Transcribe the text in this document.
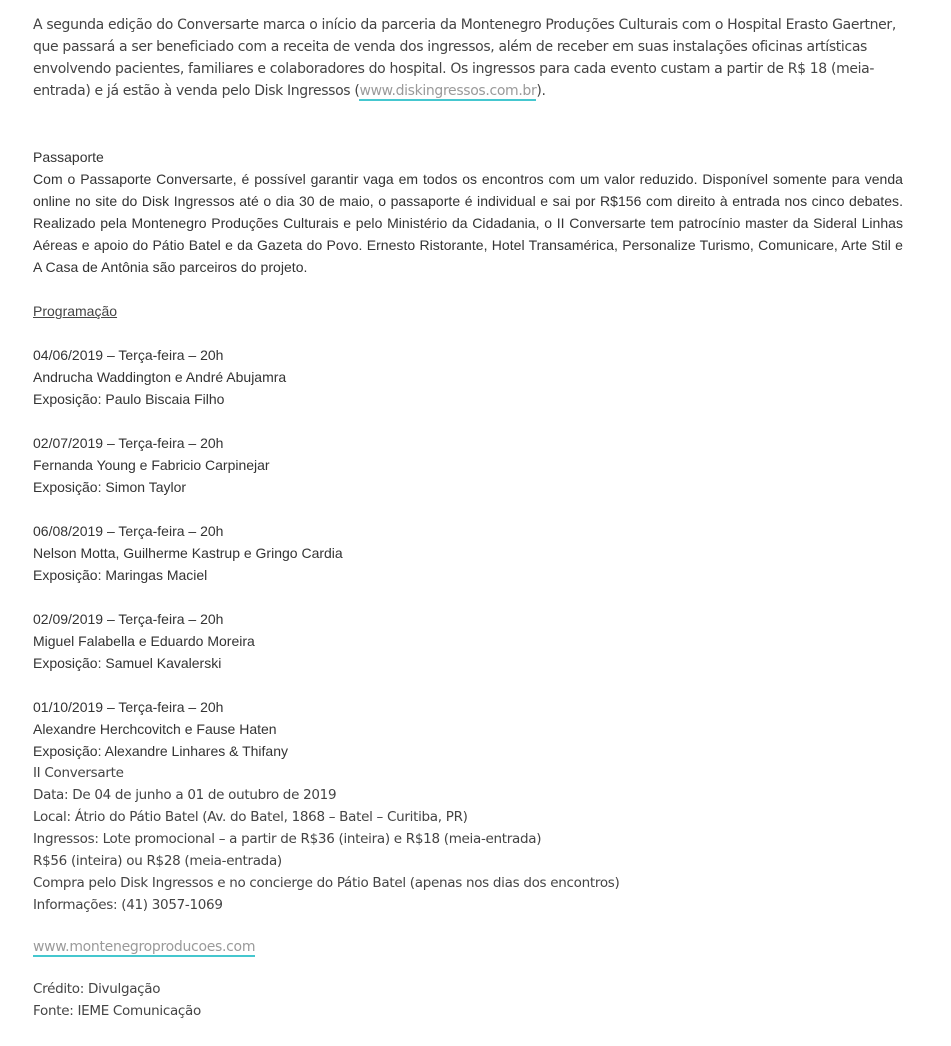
A segunda edição do Conversarte marca o início da parceria da Montenegro Produções Culturais com o Hospital Erasto Gaertner, que passará a ser beneficiado com a receita de venda dos ingressos, além de receber em suas instalações oficinas artísticas envolvendo pacientes, familiares e colaboradores do hospital. Os ingressos para cada evento custam a partir de R$ 18 (meia-entrada) e já estão à venda pelo Disk Ingressos (www.diskingressos.com.br).

Passaporte
Com o Passaporte Conversarte, é possível garantir vaga em todos os encontros com um valor reduzido. Disponível somente para venda online no site do Disk Ingressos até o dia 30 de maio, o passaporte é individual e sai por R$156 com direito à entrada nos cinco debates. Realizado pela Montenegro Produções Culturais e pelo Ministério da Cidadania, o II Conversarte tem patrocínio master da Sideral Linhas Aéreas e apoio do Pátio Batel e da Gazeta do Povo. Ernesto Ristorante, Hotel Transamérica, Personalize Turismo, Comunicare, Arte Stil e A Casa de Antônia são parceiros do projeto.
Programação
04/06/2019 – Terça-feira – 20h
Andrucha Waddington e André Abujamra
Exposição: Paulo Biscaia Filho
02/07/2019 – Terça-feira – 20h
Fernanda Young e Fabricio Carpinejar
Exposição: Simon Taylor
06/08/2019 – Terça-feira – 20h
Nelson Motta, Guilherme Kastrup e Gringo Cardia
Exposição: Maringas Maciel
02/09/2019 – Terça-feira – 20h
Miguel Falabella e Eduardo Moreira
Exposição: Samuel Kavalerski
01/10/2019 – Terça-feira – 20h
Alexandre Herchcovitch e Fause Haten
Exposição: Alexandre Linhares & Thifany
II Conversarte
Data: De 04 de junho a 01 de outubro de 2019
Local: Átrio do Pátio Batel (Av. do Batel, 1868 – Batel – Curitiba, PR)
Ingressos: Lote promocional – a partir de R$36 (inteira) e R$18 (meia-entrada)
R$56 (inteira) ou R$28 (meia-entrada)
Compra pelo Disk Ingressos e no concierge do Pátio Batel (apenas nos dias dos encontros)
Informações: (41) 3057-1069
www.montenegroproducoes.com
Crédito: Divulgação
Fonte: IEME Comunicação
